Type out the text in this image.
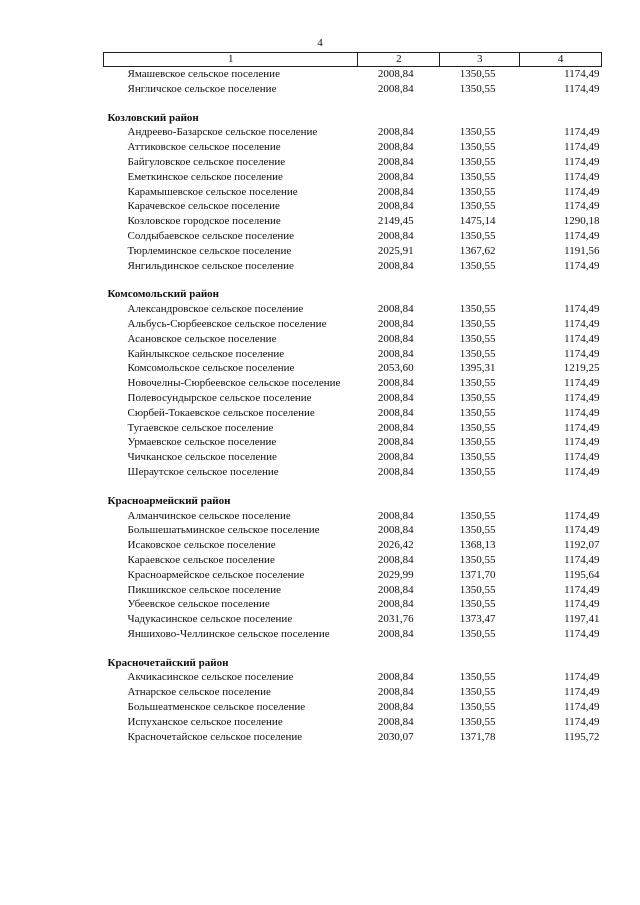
4
1	2	3	4
Ямашевское сельское поселение	2008,84	1350,55	1174,49
Янгличское сельское поселение	2008,84	1350,55	1174,49
Козловский район			
Андреево-Базарское сельское поселение	2008,84	1350,55	1174,49
Аттиковское сельское поселение	2008,84	1350,55	1174,49
Байгуловское сельское поселение	2008,84	1350,55	1174,49
Еметкинское сельское поселение	2008,84	1350,55	1174,49
Карамышевское сельское поселение	2008,84	1350,55	1174,49
Карачевское сельское поселение	2008,84	1350,55	1174,49
Козловское городское поселение	2149,45	1475,14	1290,18
Солдыбаевское сельское поселение	2008,84	1350,55	1174,49
Тюрлеминское сельское поселение	2025,91	1367,62	1191,56
Янгильдинское сельское поселение	2008,84	1350,55	1174,49
Комсомольский район			
Александровское сельское поселение	2008,84	1350,55	1174,49
Альбусь-Сюрбеевское сельское поселение	2008,84	1350,55	1174,49
Асановское сельское поселение	2008,84	1350,55	1174,49
Кайнлыкское сельское поселение	2008,84	1350,55	1174,49
Комсомольское сельское поселение	2053,60	1395,31	1219,25
Новочелны-Сюрбеевское сельское поселение	2008,84	1350,55	1174,49
Полевосундырское сельское поселение	2008,84	1350,55	1174,49
Сюрбей-Токаевское сельское поселение	2008,84	1350,55	1174,49
Тугаевское сельское поселение	2008,84	1350,55	1174,49
Урмаевское сельское поселение	2008,84	1350,55	1174,49
Чичканское сельское поселение	2008,84	1350,55	1174,49
Шераутское сельское поселение	2008,84	1350,55	1174,49
Красноармейский район			
Алманчинское сельское поселение	2008,84	1350,55	1174,49
Большешатьминское сельское поселение	2008,84	1350,55	1174,49
Исаковское сельское поселение	2026,42	1368,13	1192,07
Караевское сельское поселение	2008,84	1350,55	1174,49
Красноармейское сельское поселение	2029,99	1371,70	1195,64
Пикшикское сельское поселение	2008,84	1350,55	1174,49
Убеевское сельское поселение	2008,84	1350,55	1174,49
Чадукасинское сельское поселение	2031,76	1373,47	1197,41
Яншихово-Челлинское сельское поселение	2008,84	1350,55	1174,49
Красночетайский район			
Акчикасинское сельское поселение	2008,84	1350,55	1174,49
Атнарское сельское поселение	2008,84	1350,55	1174,49
Большеатменское сельское поселение	2008,84	1350,55	1174,49
Испуханское сельское поселение	2008,84	1350,55	1174,49
Красночетайское сельское поселение	2030,07	1371,78	1195,72
